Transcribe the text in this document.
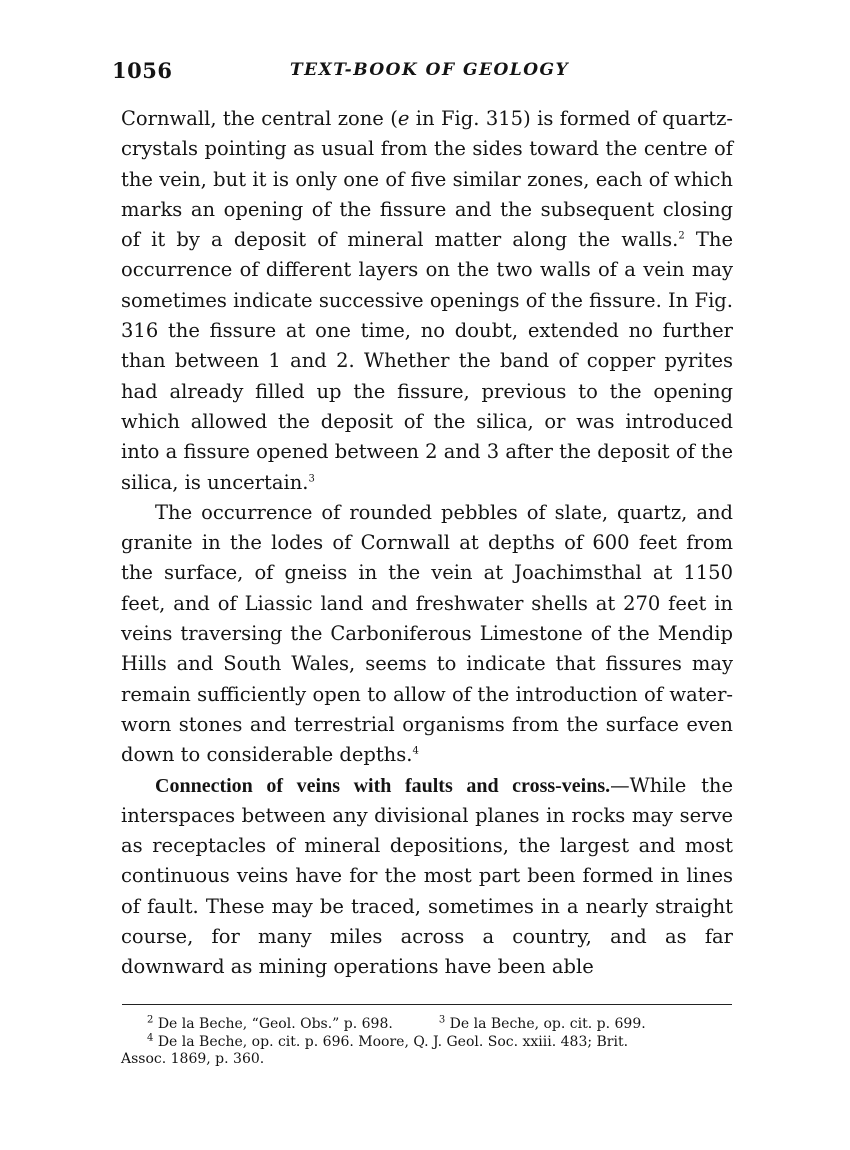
1056	TEXT-BOOK OF GEOLOGY

Cornwall, the central zone (e in Fig. 315) is formed of quartz-crystals pointing as usual from the sides toward the centre of the vein, but it is only one of five similar zones, each of which marks an opening of the fissure and the subsequent closing of it by a deposit of mineral matter along the walls.$^2$ The occurrence of different layers on the two walls of a vein may sometimes indicate successive openings of the fissure. In Fig. 316 the fissure at one time, no doubt, extended no further than between 1 and 2. Whether the band of copper pyrites had already filled up the fissure, previous to the opening which allowed the deposit of the silica, or was introduced into a fissure opened between 2 and 3 after the deposit of the silica, is uncertain.$^3$

The occurrence of rounded pebbles of slate, quartz, and granite in the lodes of Cornwall at depths of 600 feet from the surface, of gneiss in the vein at Joachimsthal at 1150 feet, and of Liassic land and freshwater shells at 270 feet in veins traversing the Carboniferous Limestone of the Mendip Hills and South Wales, seems to indicate that fissures may remain sufficiently open to allow of the introduction of water-worn stones and terrestrial organisms from the surface even down to considerable depths.$^4$

Connection of veins with faults and cross-veins.—While the interspaces between any divisional planes in rocks may serve as receptacles of mineral depositions, the largest and most continuous veins have for the most part been formed in lines of fault. These may be traced, sometimes in a nearly straight course, for many miles across a country, and as far downward as mining operations have been able

$^2$ De la Beche, “Geol. Obs.” p. 698.	$^3$ De la Beche, op. cit. p. 699.

$^4$ De la Beche, op. cit. p. 696. Moore, Q. J. Geol. Soc. xxiii. 483; Brit.

Assoc. 1869, p. 360.
